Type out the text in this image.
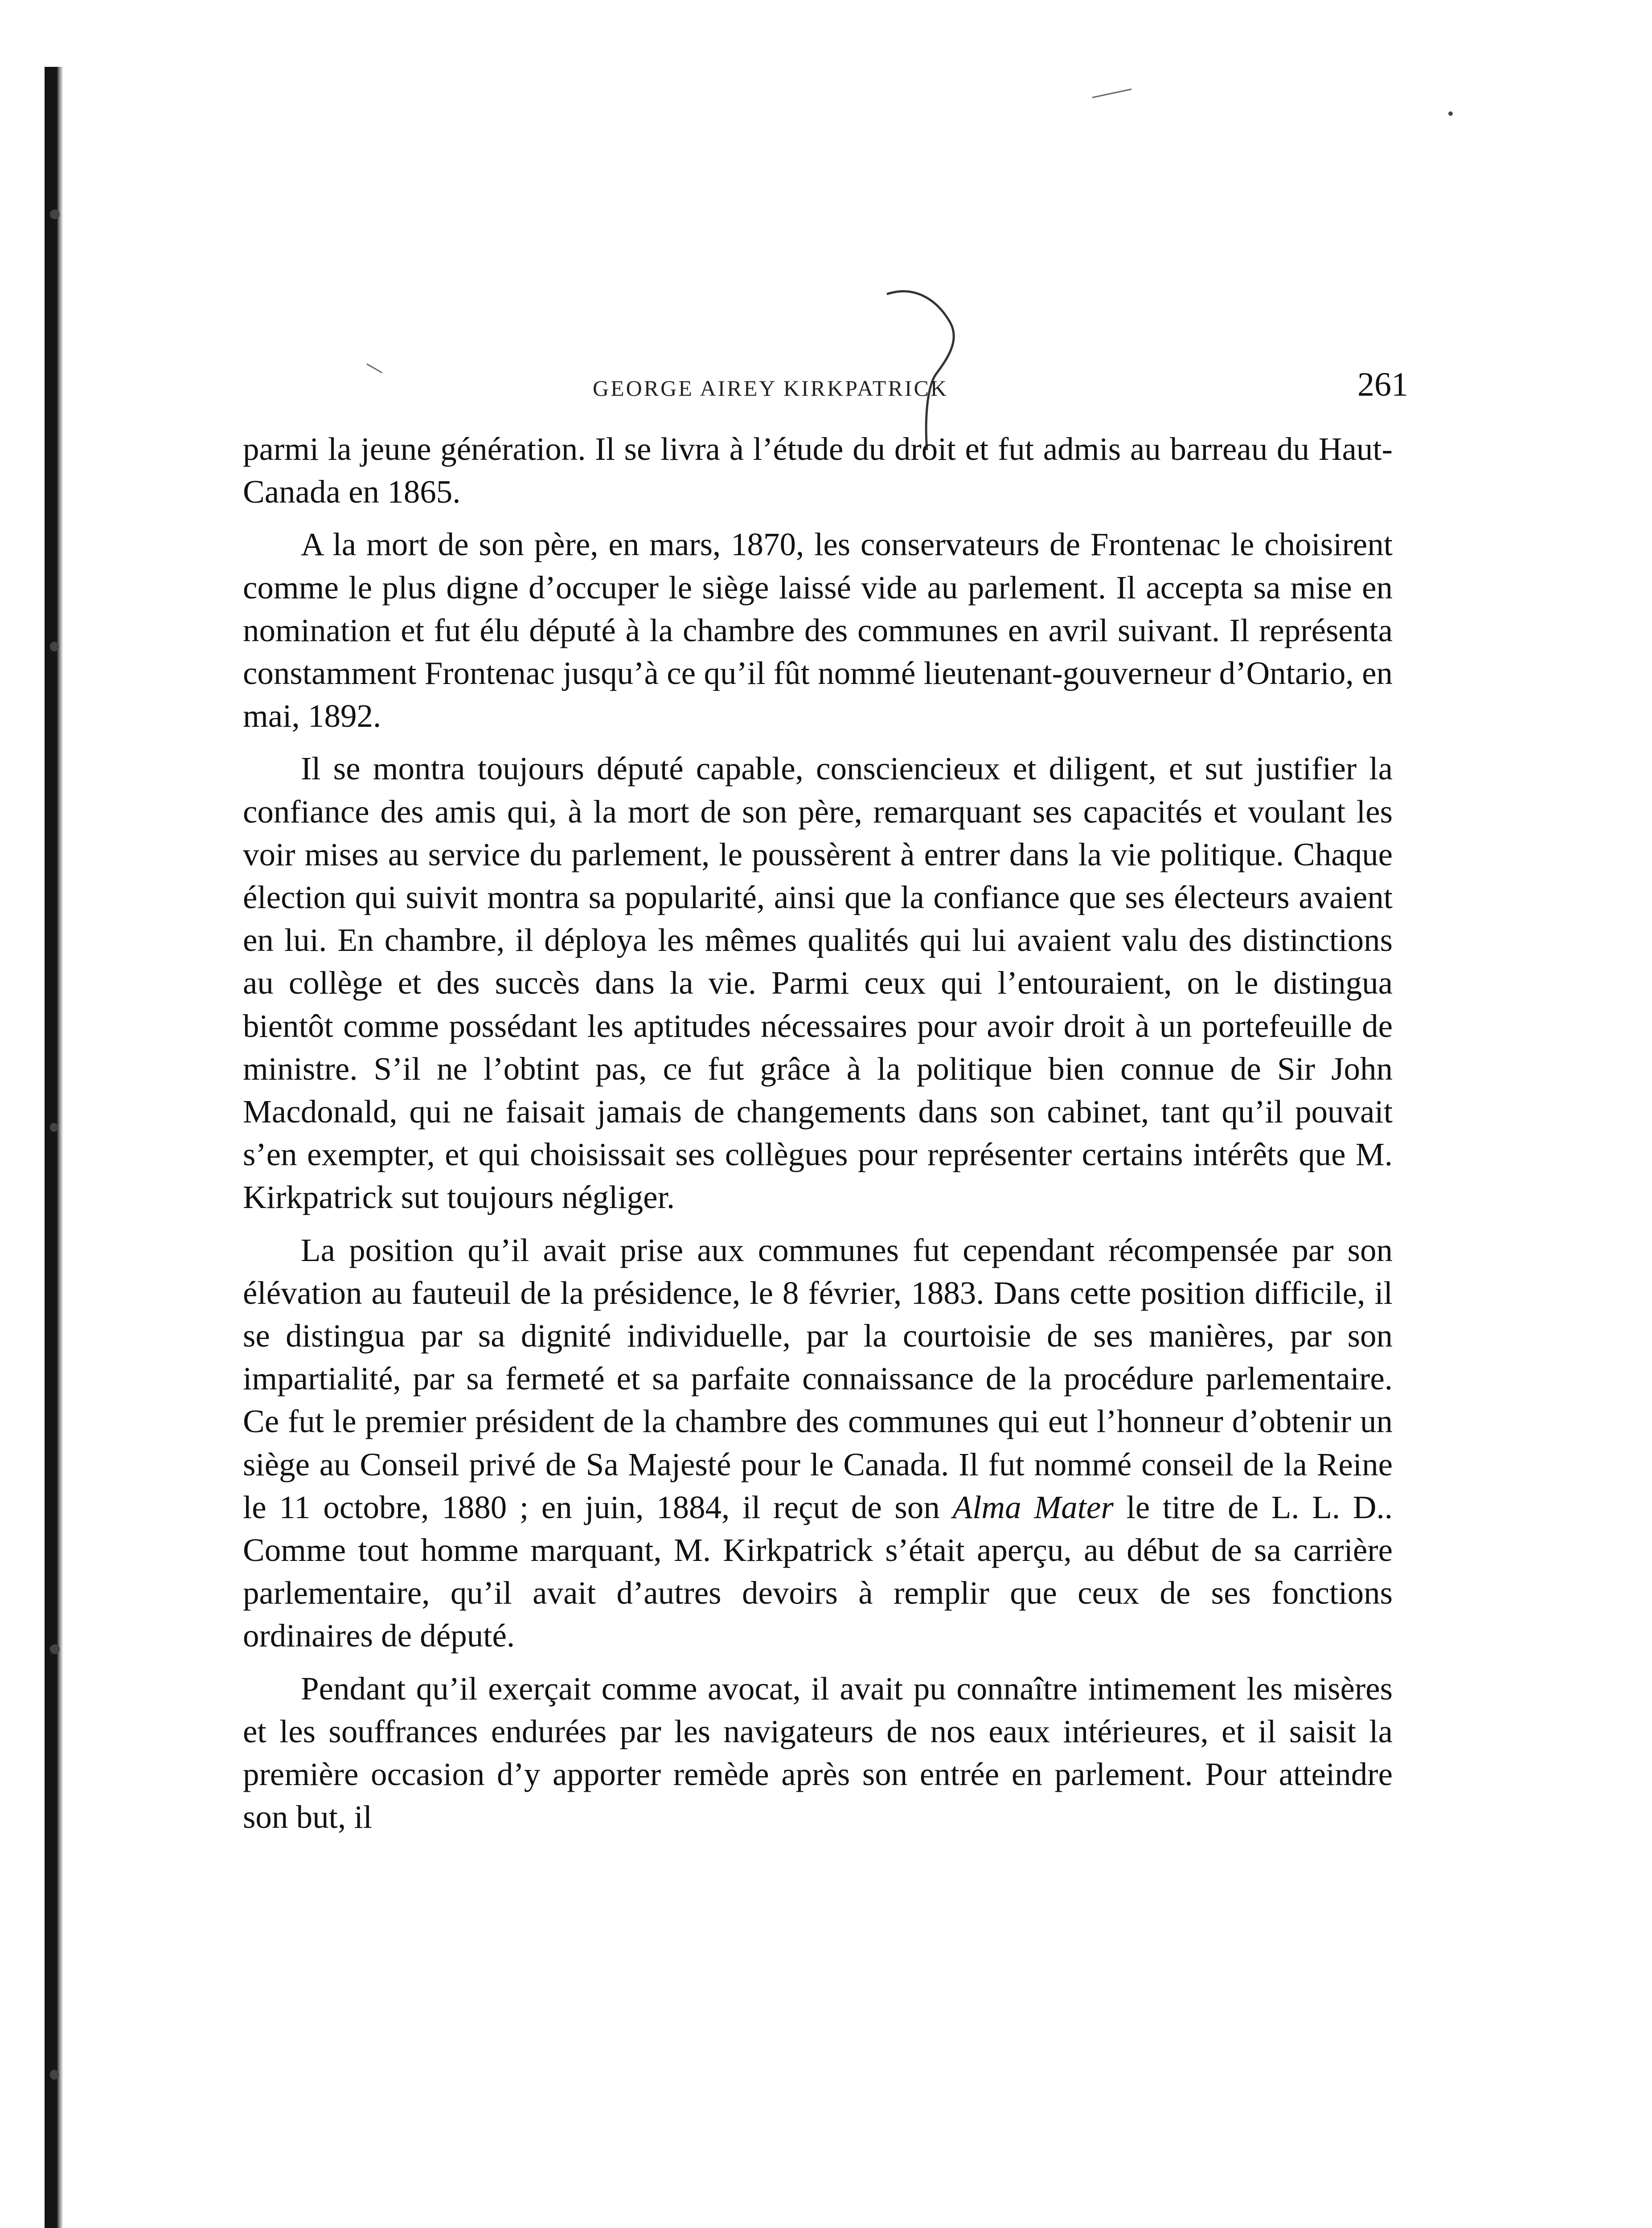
GEORGE AIREY KIRKPATRICK	261

parmi la jeune génération. Il se livra à l’étude du droit et fut admis au barreau du Haut-Canada en 1865.

A la mort de son père, en mars, 1870, les conservateurs de Frontenac le choisirent comme le plus digne d’occuper le siège laissé vide au parlement. Il accepta sa mise en nomination et fut élu député à la chambre des communes en avril suivant. Il représenta constamment Frontenac jusqu’à ce qu’il fût nommé lieutenant-gouverneur d’Ontario, en mai, 1892.

Il se montra toujours député capable, consciencieux et diligent, et sut justifier la confiance des amis qui, à la mort de son père, remarquant ses capacités et voulant les voir mises au service du parlement, le poussèrent à entrer dans la vie politique. Chaque élection qui suivit montra sa popularité, ainsi que la confiance que ses électeurs avaient en lui. En chambre, il déploya les mêmes qualités qui lui avaient valu des distinctions au collège et des succès dans la vie. Parmi ceux qui l’entouraient, on le distingua bientôt comme possédant les aptitudes nécessaires pour avoir droit à un portefeuille de ministre. S’il ne l’obtint pas, ce fut grâce à la politique bien connue de Sir John Macdonald, qui ne faisait jamais de changements dans son cabinet, tant qu’il pouvait s’en exempter, et qui choisissait ses collègues pour représenter certains intérêts que M. Kirkpatrick sut toujours négliger.

La position qu’il avait prise aux communes fut cependant récompensée par son élévation au fauteuil de la présidence, le 8 février, 1883. Dans cette position difficile, il se distingua par sa dignité individuelle, par la courtoisie de ses manières, par son impartialité, par sa fermeté et sa parfaite connaissance de la procédure parlementaire. Ce fut le premier président de la chambre des communes qui eut l’honneur d’obtenir un siège au Conseil privé de Sa Majesté pour le Canada. Il fut nommé conseil de la Reine le 11 octobre, 1880 ; en juin, 1884, il reçut de son Alma Mater le titre de L. L. D.. Comme tout homme marquant, M. Kirkpatrick s’était aperçu, au début de sa carrière parlementaire, qu’il avait d’autres devoirs à remplir que ceux de ses fonctions ordinaires de député.

Pendant qu’il exerçait comme avocat, il avait pu connaître intimement les misères et les souffrances endurées par les navigateurs de nos eaux intérieures, et il saisit la première occasion d’y apporter remède après son entrée en parlement. Pour atteindre son but, il
